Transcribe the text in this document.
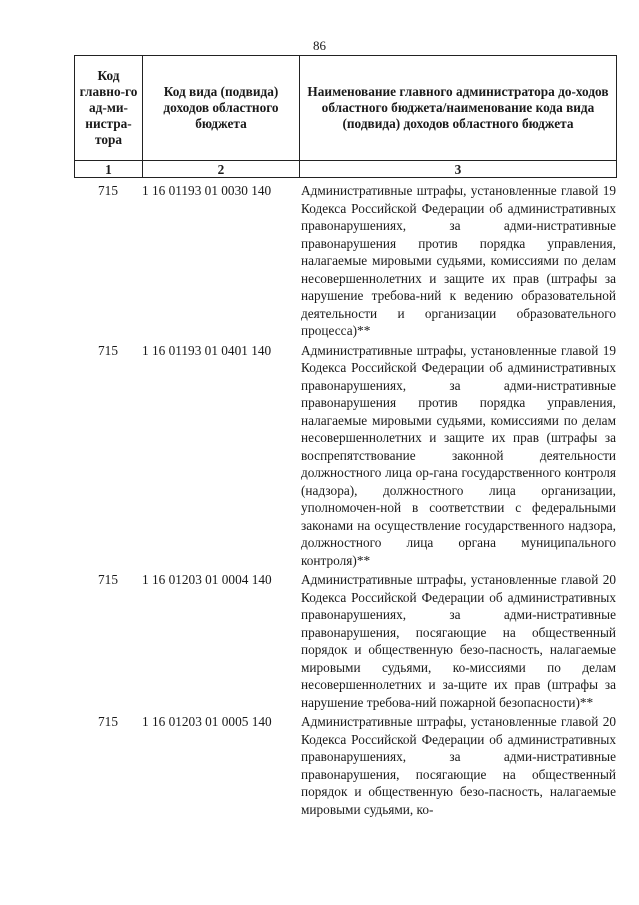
86
Код главно-го ад-ми-нистра-тора	Код вида (подвида) доходов областного бюджета	Наименование главного администратора до-ходов областного бюджета/наименование кода вида (подвида) доходов областного бюджета
1	2	3
715	1 16 01193 01 0030 140	Административные штрафы, установленные главой 19 Кодекса Российской Федерации об административных правонарушениях, за адми-нистративные правонарушения против порядка управления, налагаемые мировыми судьями, комиссиями по делам несовершеннолетних и защите их прав (штрафы за нарушение требова-ний к ведению образовательной деятельности и организации образовательного процесса)**
715	1 16 01193 01 0401 140	Административные штрафы, установленные главой 19 Кодекса Российской Федерации об административных правонарушениях, за адми-нистративные правонарушения против порядка управления, налагаемые мировыми судьями, комиссиями по делам несовершеннолетних и защите их прав (штрафы за воспрепятствование законной деятельности должностного лица ор-гана государственного контроля (надзора), должностного лица организации, уполномочен-ной в соответствии с федеральными законами на осуществление государственного надзора, должностного лица органа муниципального контроля)**
715	1 16 01203 01 0004 140	Административные штрафы, установленные главой 20 Кодекса Российской Федерации об административных правонарушениях, за адми-нистративные правонарушения, посягающие на общественный порядок и общественную безо-пасность, налагаемые мировыми судьями, ко-миссиями по делам несовершеннолетних и за-щите их прав (штрафы за нарушение требова-ний пожарной безопасности)**
715	1 16 01203 01 0005 140	Административные штрафы, установленные главой 20 Кодекса Российской Федерации об административных правонарушениях, за адми-нистративные правонарушения, посягающие на общественный порядок и общественную безо-пасность, налагаемые мировыми судьями, ко-
